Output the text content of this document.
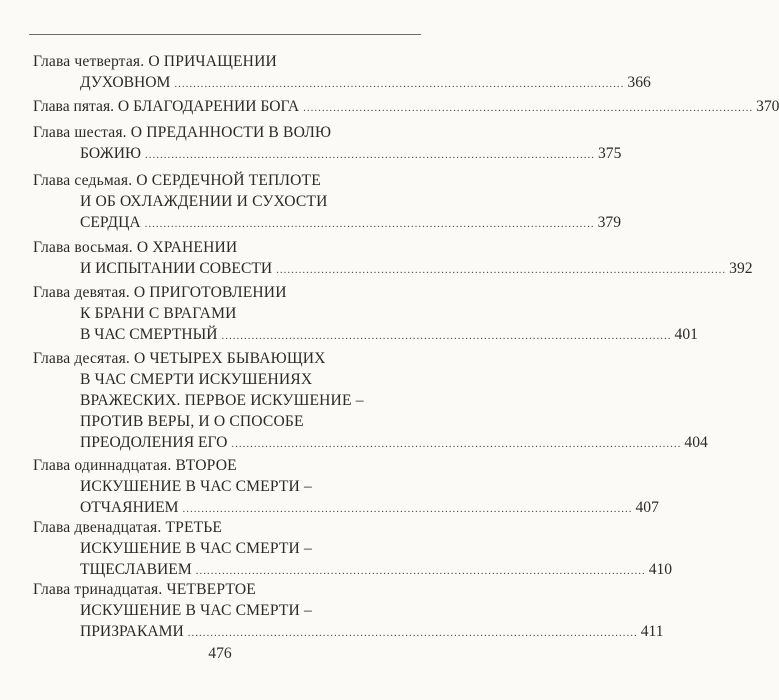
Глава четвертая. О ПРИЧАЩЕНИИ
ДУХОВНОМ ........................................................................................................................ 366
Глава пятая. О БЛАГОДАРЕНИИ БОГА ........................................................................................................................ 370
Глава шестая. О ПРЕДАННОСТИ В ВОЛЮ
БОЖИЮ ........................................................................................................................ 375
Глава седьмая. О СЕРДЕЧНОЙ ТЕПЛОТЕ
И ОБ ОХЛАЖДЕНИИ И СУХОСТИ
СЕРДЦА ........................................................................................................................ 379
Глава восьмая. О ХРАНЕНИИ
И ИСПЫТАНИИ СОВЕСТИ ........................................................................................................................ 392
Глава девятая. О ПРИГОТОВЛЕНИИ
К БРАНИ С ВРАГАМИ
В ЧАС СМЕРТНЫЙ ........................................................................................................................ 401
Глава десятая. О ЧЕТЫРЕХ БЫВАЮЩИХ
В ЧАС СМЕРТИ ИСКУШЕНИЯХ
ВРАЖЕСКИХ. ПЕРВОЕ ИСКУШЕНИЕ –
ПРОТИВ ВЕРЫ, И О СПОСОБЕ
ПРЕОДОЛЕНИЯ ЕГО ........................................................................................................................ 404
Глава одиннадцатая. ВТОРОЕ
ИСКУШЕНИЕ В ЧАС СМЕРТИ –
ОТЧАЯНИЕМ ........................................................................................................................ 407
Глава двенадцатая. ТРЕТЬЕ
ИСКУШЕНИЕ В ЧАС СМЕРТИ –
ТЩЕСЛАВИЕМ ........................................................................................................................ 410
Глава тринадцатая. ЧЕТВЕРТОЕ
ИСКУШЕНИЕ В ЧАС СМЕРТИ –
ПРИЗРАКАМИ ........................................................................................................................ 411
476
